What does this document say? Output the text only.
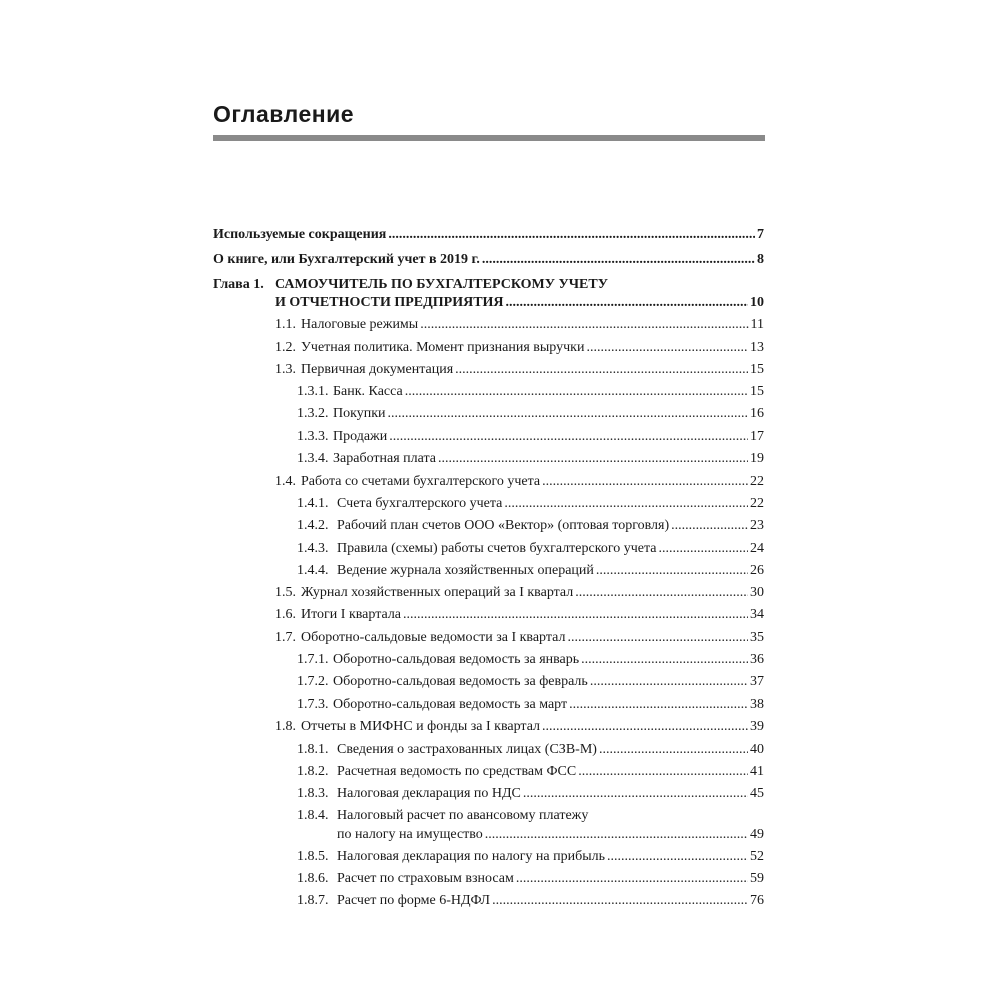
Оглавление
Используемые сокращения .....	7
О книге, или Бухгалтерский учет в 2019 г. .....	8
Глава 1. САМОУЧИТЕЛЬ ПО БУХГАЛТЕРСКОМУ УЧЕТУ
И ОТЧЕТНОСТИ ПРЕДПРИЯТИЯ .....	10
1.1. Налоговые режимы .....	11
1.2. Учетная политика. Момент признания выручки .....	13
1.3. Первичная документация .....	15
1.3.1. Банк. Касса .....	15
1.3.2. Покупки .....	16
1.3.3. Продажи .....	17
1.3.4. Заработная плата .....	19
1.4. Работа со счетами бухгалтерского учета .....	22
1.4.1. Счета бухгалтерского учета .....	22
1.4.2. Рабочий план счетов ООО «Вектор» (оптовая торговля) .....	23
1.4.3. Правила (схемы) работы счетов бухгалтерского учета .....	24
1.4.4. Ведение журнала хозяйственных операций .....	26
1.5. Журнал хозяйственных операций за I квартал .....	30
1.6. Итоги I квартала .....	34
1.7. Оборотно-сальдовые ведомости за I квартал .....	35
1.7.1. Оборотно-сальдовая ведомость за январь .....	36
1.7.2. Оборотно-сальдовая ведомость за февраль .....	37
1.7.3. Оборотно-сальдовая ведомость за март .....	38
1.8. Отчеты в МИФНС и фонды за I квартал .....	39
1.8.1. Сведения о застрахованных лицах (СЗВ-М) .....	40
1.8.2. Расчетная ведомость по средствам ФСС .....	41
1.8.3. Налоговая декларация по НДС .....	45
1.8.4. Налоговый расчет по авансовому платежу
по налогу на имущество .....	49
1.8.5. Налоговая декларация по налогу на прибыль .....	52
1.8.6. Расчет по страховым взносам .....	59
1.8.7. Расчет по форме 6-НДФЛ .....	76
